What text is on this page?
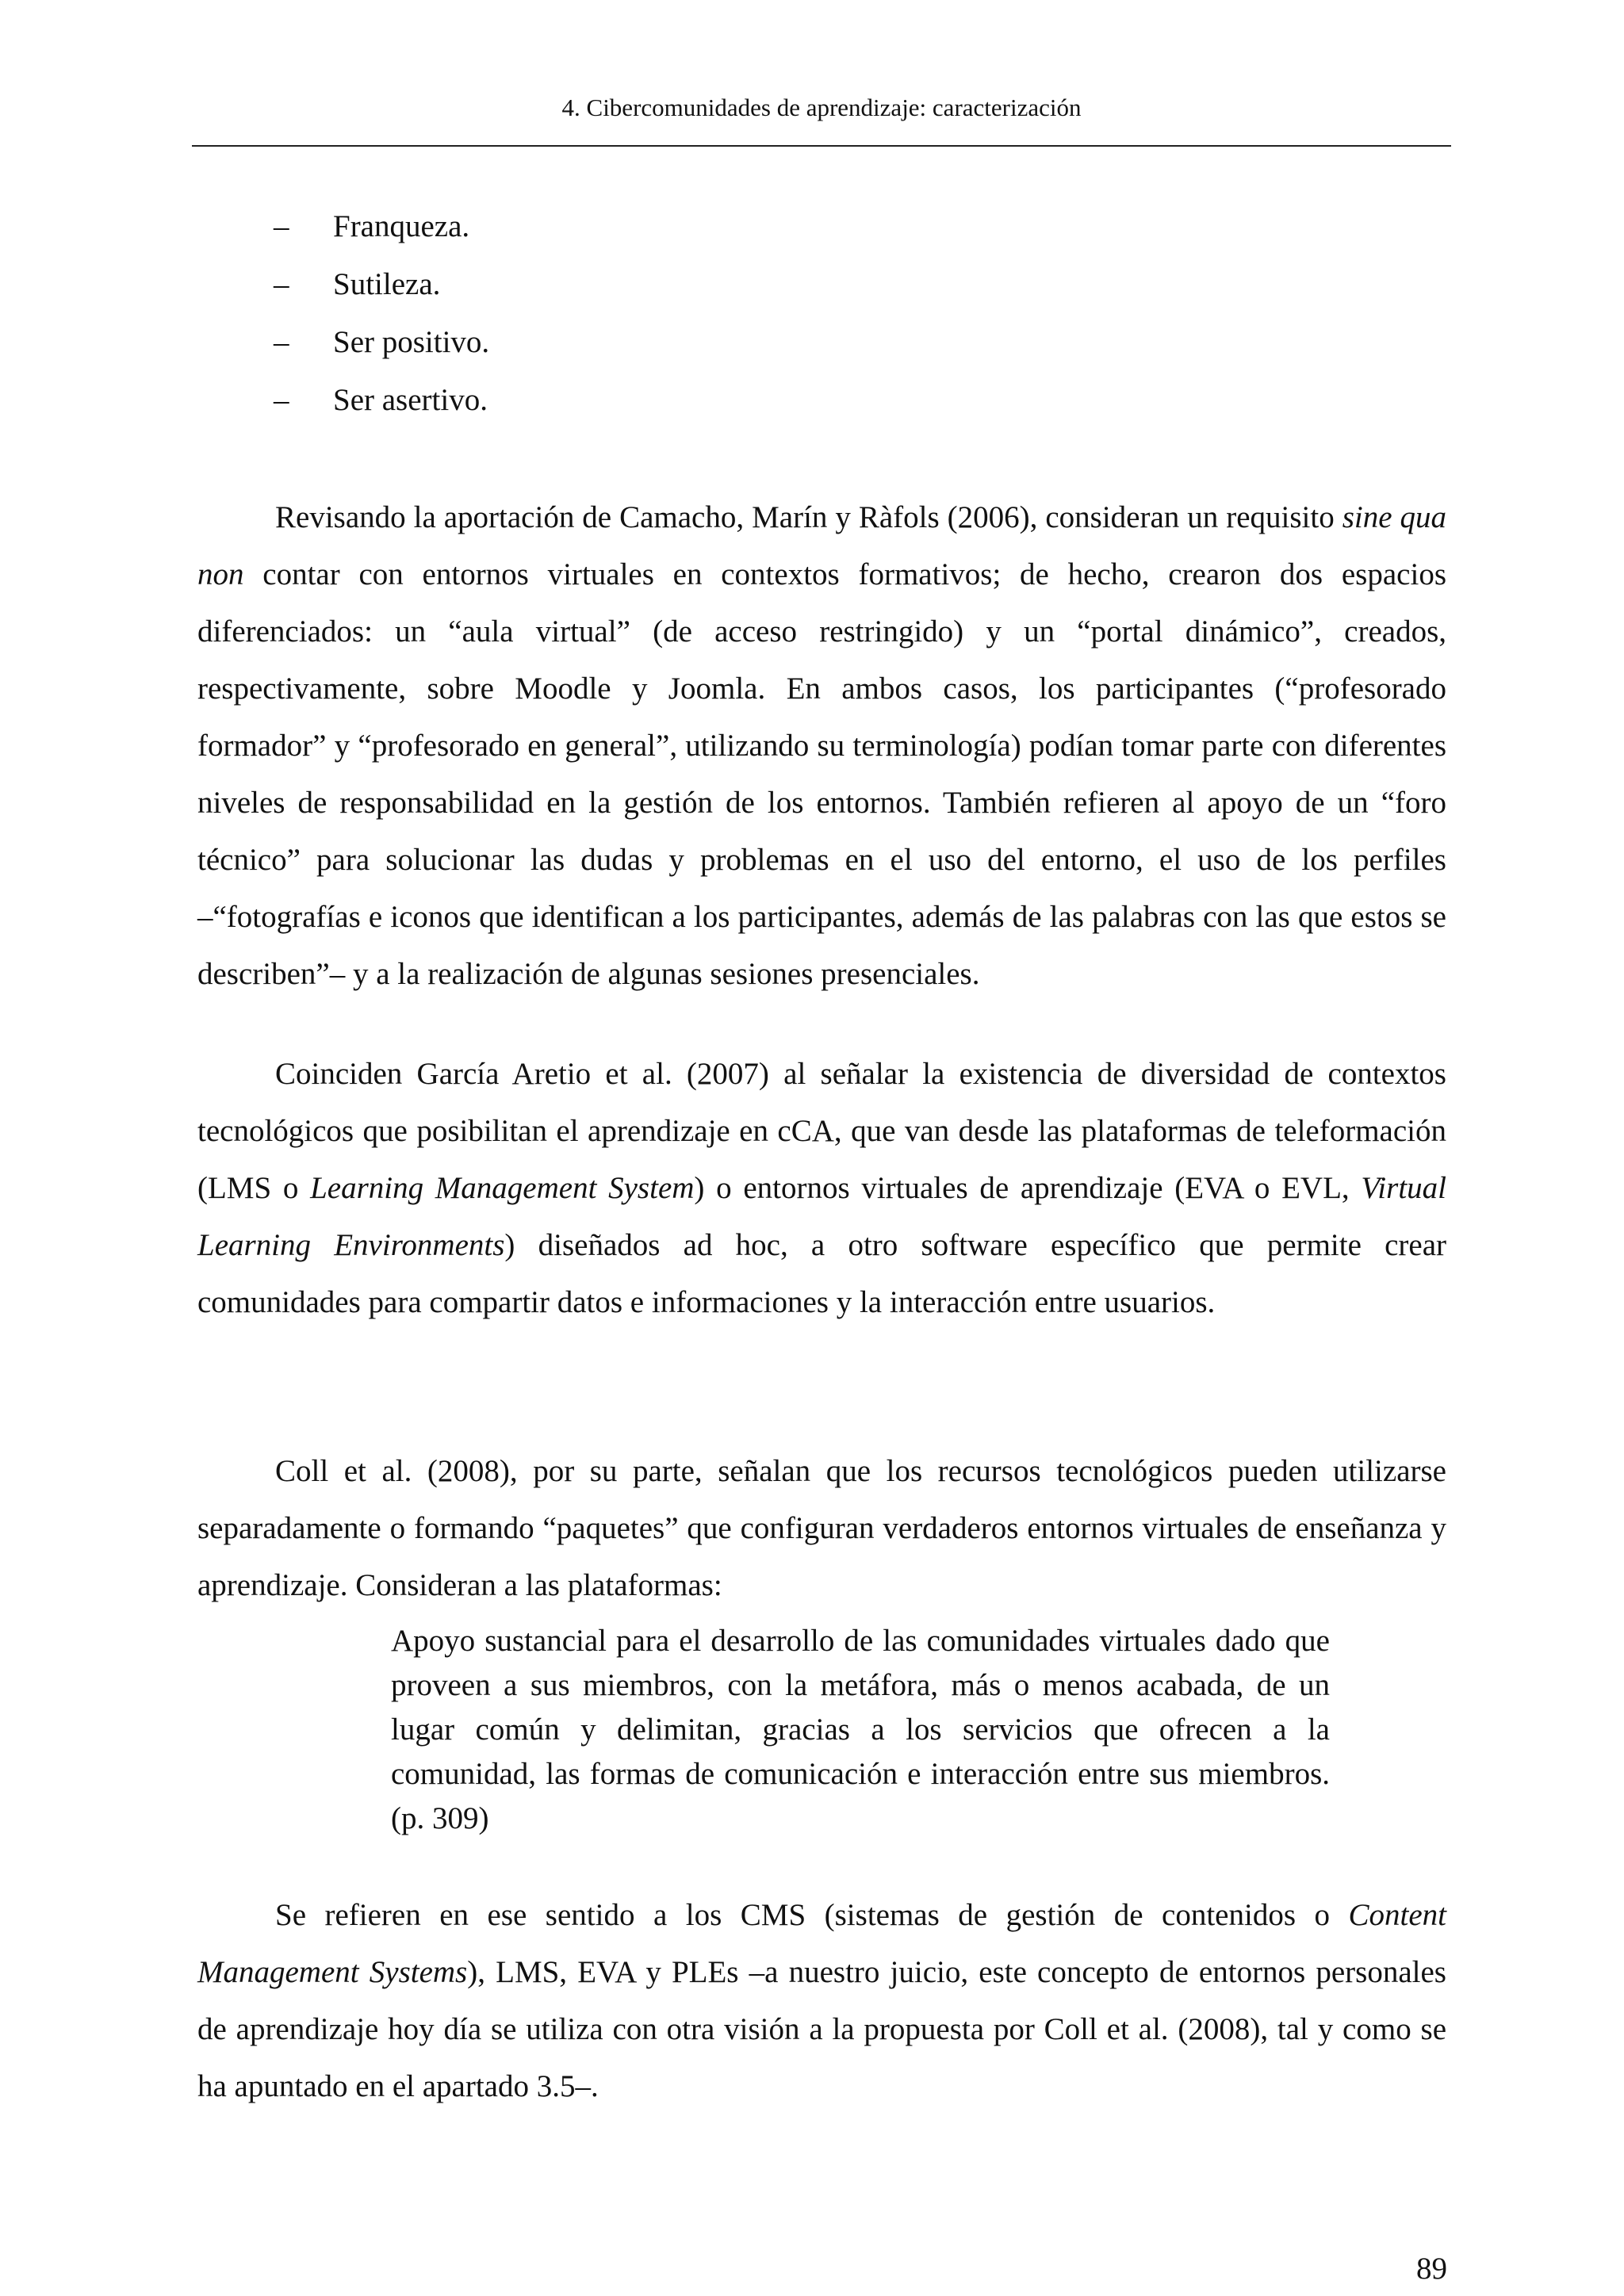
4. Cibercomunidades de aprendizaje: caracterización
–	Franqueza.
–	Sutileza.
–	Ser positivo.
–	Ser asertivo.

Revisando la aportación de Camacho, Marín y Ràfols (2006), consideran un requisito sine qua non contar con entornos virtuales en contextos formativos; de hecho, crearon dos espacios diferenciados: un “aula virtual” (de acceso restringido) y un “portal dinámico”, creados, respectivamente, sobre Moodle y Joomla. En ambos casos, los participantes (“profesorado formador” y “profesorado en general”, utilizando su terminología) podían tomar parte con diferentes niveles de responsabilidad en la gestión de los entornos. También refieren al apoyo de un “foro técnico” para solucionar las dudas y problemas en el uso del entorno, el uso de los perfiles –“fotografías e iconos que identifican a los participantes, además de las palabras con las que estos se describen”– y a la realización de algunas sesiones presenciales.

Coinciden García Aretio et al. (2007) al señalar la existencia de diversidad de contextos tecnológicos que posibilitan el aprendizaje en cCA, que van desde las plataformas de teleformación (LMS o Learning Management System) o entornos virtuales de aprendizaje (EVA o EVL, Virtual Learning Environments) diseñados ad hoc, a otro software específico que permite crear comunidades para compartir datos e informaciones y la interacción entre usuarios.

Coll et al. (2008), por su parte, señalan que los recursos tecnológicos pueden utilizarse separadamente o formando “paquetes” que configuran verdaderos entornos virtuales de enseñanza y aprendizaje. Consideran a las plataformas:

Apoyo sustancial para el desarrollo de las comunidades virtuales dado que proveen a sus miembros, con la metáfora, más o menos acabada, de un lugar común y delimitan, gracias a los servicios que ofrecen a la comunidad, las formas de comunicación e interacción entre sus miembros. (p. 309)

Se refieren en ese sentido a los CMS (sistemas de gestión de contenidos o Content Management Systems), LMS, EVA y PLEs –a nuestro juicio, este concepto de entornos personales de aprendizaje hoy día se utiliza con otra visión a la propuesta por Coll et al. (2008), tal y como se ha apuntado en el apartado 3.5–.

89
